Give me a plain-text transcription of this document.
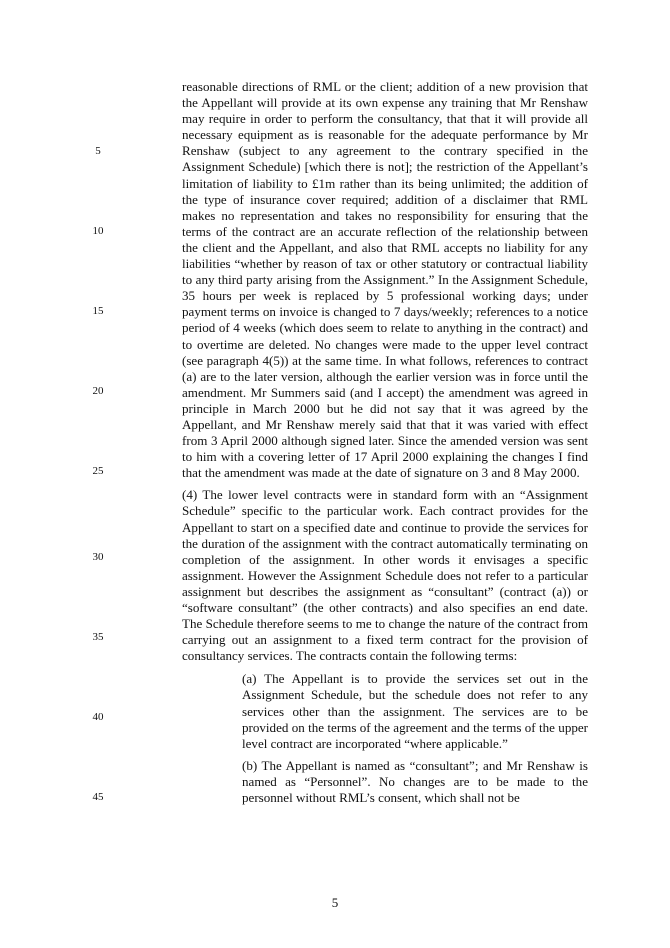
5
10
15
20
25
30
35
40
45

reasonable directions of RML or the client; addition of a new provision that the Appellant will provide at its own expense any training that Mr Renshaw may require in order to perform the consultancy, that that it will provide all necessary equipment as is reasonable for the adequate performance by Mr Renshaw (subject to any agreement to the contrary specified in the Assignment Schedule) [which there is not]; the restriction of the Appellant’s limitation of liability to £1m rather than its being unlimited; the addition of the type of insurance cover required; addition of a disclaimer that RML makes no representation and takes no responsibility for ensuring that the terms of the contract are an accurate reflection of the relationship between the client and the Appellant, and also that RML accepts no liability for any liabilities “whether by reason of tax or other statutory or contractual liability to any third party arising from the Assignment.” In the Assignment Schedule, 35 hours per week is replaced by 5 professional working days; under payment terms on invoice is changed to 7 days/weekly; references to a notice period of 4 weeks (which does seem to relate to anything in the contract) and to overtime are deleted. No changes were made to the upper level contract (see paragraph 4(5)) at the same time. In what follows, references to contract (a) are to the later version, although the earlier version was in force until the amendment. Mr Summers said (and I accept) the amendment was agreed in principle in March 2000 but he did not say that it was agreed by the Appellant, and Mr Renshaw merely said that that it was varied with effect from 3 April 2000 although signed later. Since the amended version was sent to him with a covering letter of 17 April 2000 explaining the changes I find that the amendment was made at the date of signature on 3 and 8 May 2000.

(4) The lower level contracts were in standard form with an “Assignment Schedule” specific to the particular work. Each contract provides for the Appellant to start on a specified date and continue to provide the services for the duration of the assignment with the contract automatically terminating on completion of the assignment. In other words it envisages a specific assignment. However the Assignment Schedule does not refer to a particular assignment but describes the assignment as “consultant” (contract (a)) or “software consultant” (the other contracts) and also specifies an end date. The Schedule therefore seems to me to change the nature of the contract from carrying out an assignment to a fixed term contract for the provision of consultancy services. The contracts contain the following terms:

(a) The Appellant is to provide the services set out in the Assignment Schedule, but the schedule does not refer to any services other than the assignment. The services are to be provided on the terms of the agreement and the terms of the upper level contract are incorporated “where applicable.”

(b) The Appellant is named as “consultant”; and Mr Renshaw is named as “Personnel”. No changes are to be made to the personnel without RML’s consent, which shall not be

5
